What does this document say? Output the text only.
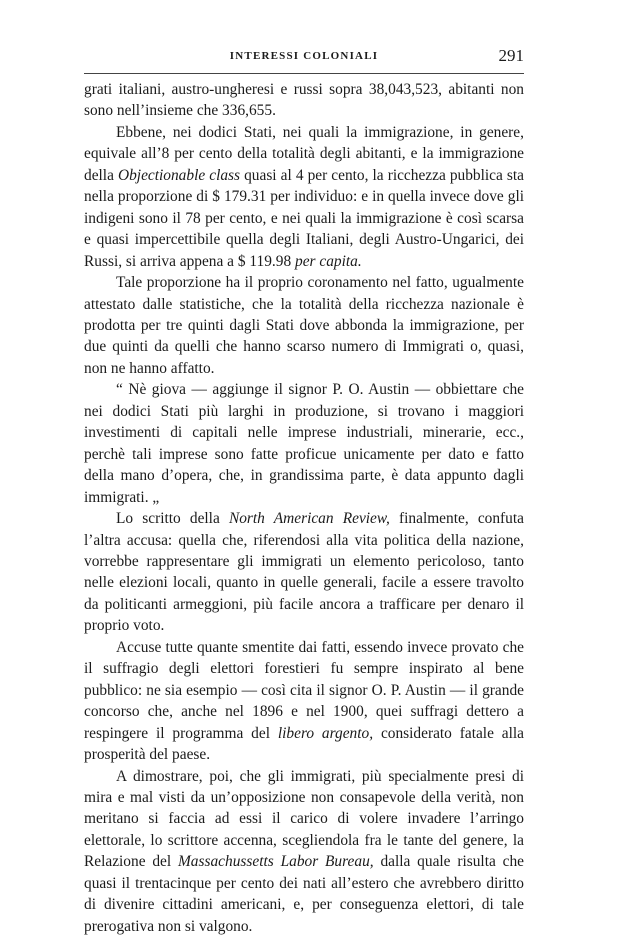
INTERESSI COLONIALI	291

grati italiani, austro-ungheresi e russi sopra 38,043,523, abitanti non sono nell’insieme che 336,655.

Ebbene, nei dodici Stati, nei quali la immigrazione, in genere, equivale all’8 per cento della totalità degli abitanti, e la immigrazione della Objectionable class quasi al 4 per cento, la ricchezza pubblica sta nella proporzione di $ 179.31 per individuo: e in quella invece dove gli indigeni sono il 78 per cento, e nei quali la immigrazione è così scarsa e quasi impercettibile quella degli Italiani, degli Austro-Ungarici, dei Russi, si arriva appena a $ 119.98 per capita.

Tale proporzione ha il proprio coronamento nel fatto, ugualmente attestato dalle statistiche, che la totalità della ricchezza nazionale è prodotta per tre quinti dagli Stati dove abbonda la immigrazione, per due quinti da quelli che hanno scarso numero di Immigrati o, quasi, non ne hanno affatto.

“ Nè giova — aggiunge il signor P. O. Austin — obbiettare che nei dodici Stati più larghi in produzione, si trovano i maggiori investimenti di capitali nelle imprese industriali, minerarie, ecc., perchè tali imprese sono fatte proficue unicamente per dato e fatto della mano d’opera, che, in grandissima parte, è data appunto dagli immigrati. „

Lo scritto della North American Review, finalmente, confuta l’altra accusa: quella che, riferendosi alla vita politica della nazione, vorrebbe rappresentare gli immigrati un elemento pericoloso, tanto nelle elezioni locali, quanto in quelle generali, facile a essere travolto da politicanti armeggioni, più facile ancora a trafficare per denaro il proprio voto.

Accuse tutte quante smentite dai fatti, essendo invece provato che il suffragio degli elettori forestieri fu sempre inspirato al bene pubblico: ne sia esempio — così cita il signor O. P. Austin — il grande concorso che, anche nel 1896 e nel 1900, quei suffragi dettero a respingere il programma del libero argento, considerato fatale alla prosperità del paese.

A dimostrare, poi, che gli immigrati, più specialmente presi di mira e mal visti da un’opposizione non consapevole della verità, non meritano si faccia ad essi il carico di volere invadere l’arringo elettorale, lo scrittore accenna, scegliendola fra le tante del genere, la Relazione del Massachussetts Labor Bureau, dalla quale risulta che quasi il trentacinque per cento dei nati all’estero che avrebbero diritto di divenire cittadini americani, e, per conseguenza elettori, di tale prerogativa non si valgono.
